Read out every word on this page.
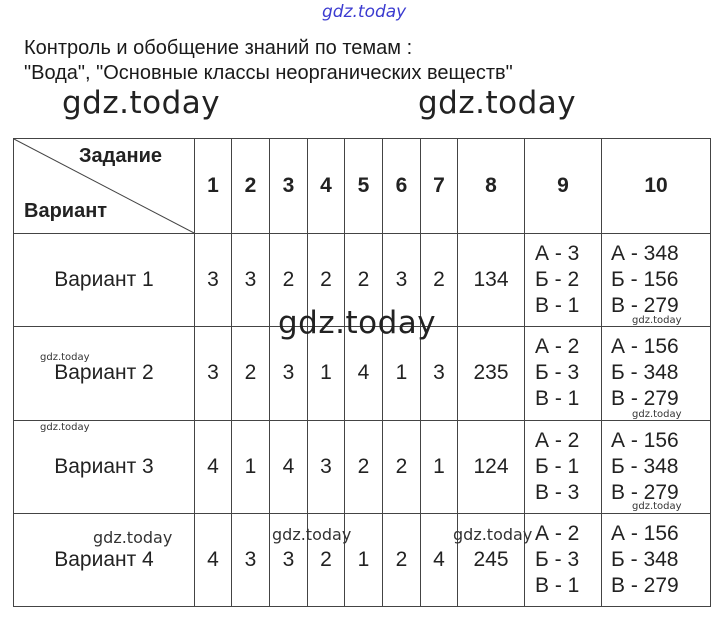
gdz.today
Контроль и обобщение знаний по темам :
"Вода", "Основные классы неорганических веществ"
gdz.today	gdz.today
Задание
Вариант	1	2	3	4	5	6	7	8	9	10
Вариант 1	3	3	2	2	2	3	2	134	А - 3
Б - 2
В - 1	А - 348
Б - 156
В - 279

Вариант 2	3	2	3	1	4	1	3	235	А - 2
Б - 3
В - 1	А - 156
Б - 348
В - 279

Вариант 3	4	1	4	3	2	2	1	124	А - 2
Б - 1
В - 3	А - 156
Б - 348
В - 279

Вариант 4	4	3	3	2	1	2	4	245	А - 2
Б - 3
В - 1	А - 156
Б - 348
В - 279
gdz.today
gdz.today
gdz.today
gdz.today
gdz.today
gdz.today
gdz.today	gdz.today	gdz.today
